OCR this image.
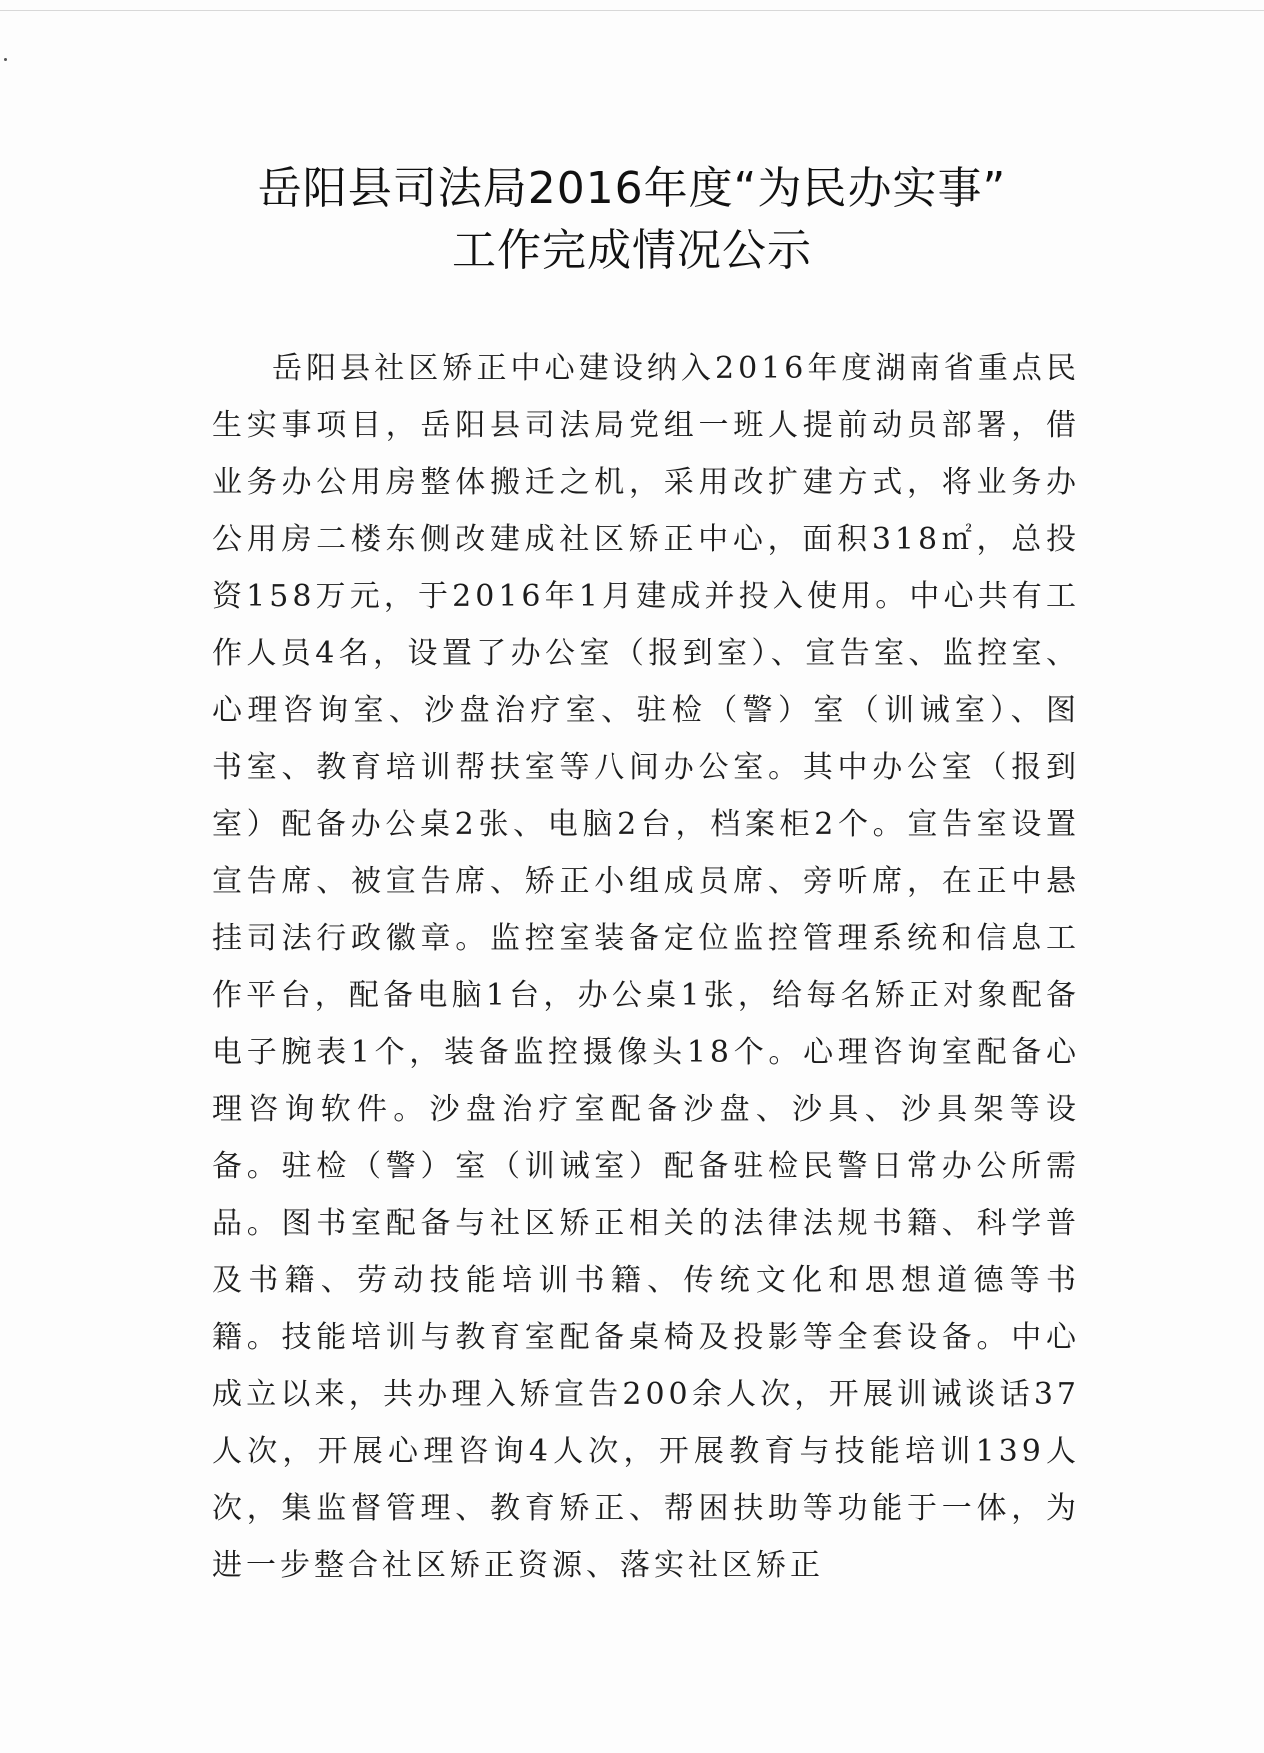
岳阳县司法局2016年度“为民办实事”
工作完成情况公示

岳阳县社区矫正中心建设纳入2016年度湖南省重点民生实事项目，岳阳县司法局党组一班人提前动员部署，借业务办公用房整体搬迁之机，采用改扩建方式，将业务办公用房二楼东侧改建成社区矫正中心，面积318㎡，总投资158万元，于2016年1月建成并投入使用。中心共有工作人员4名，设置了办公室（报到室）、宣告室、监控室、心理咨询室、沙盘治疗室、驻检（警）室（训诫室）、图书室、教育培训帮扶室等八间办公室。其中办公室（报到室）配备办公桌2张、电脑2台，档案柜2个。宣告室设置宣告席、被宣告席、矫正小组成员席、旁听席，在正中悬挂司法行政徽章。监控室装备定位监控管理系统和信息工作平台，配备电脑1台，办公桌1张，给每名矫正对象配备电子腕表1个，装备监控摄像头18个。心理咨询室配备心理咨询软件。沙盘治疗室配备沙盘、沙具、沙具架等设备。驻检（警）室（训诫室）配备驻检民警日常办公所需品。图书室配备与社区矫正相关的法律法规书籍、科学普及书籍、劳动技能培训书籍、传统文化和思想道德等书籍。技能培训与教育室配备桌椅及投影等全套设备。中心成立以来，共办理入矫宣告200余人次，开展训诫谈话37人次，开展心理咨询4人次，开展教育与技能培训139人次，集监督管理、教育矫正、帮困扶助等功能于一体，为进一步整合社区矫正资源、落实社区矫正
